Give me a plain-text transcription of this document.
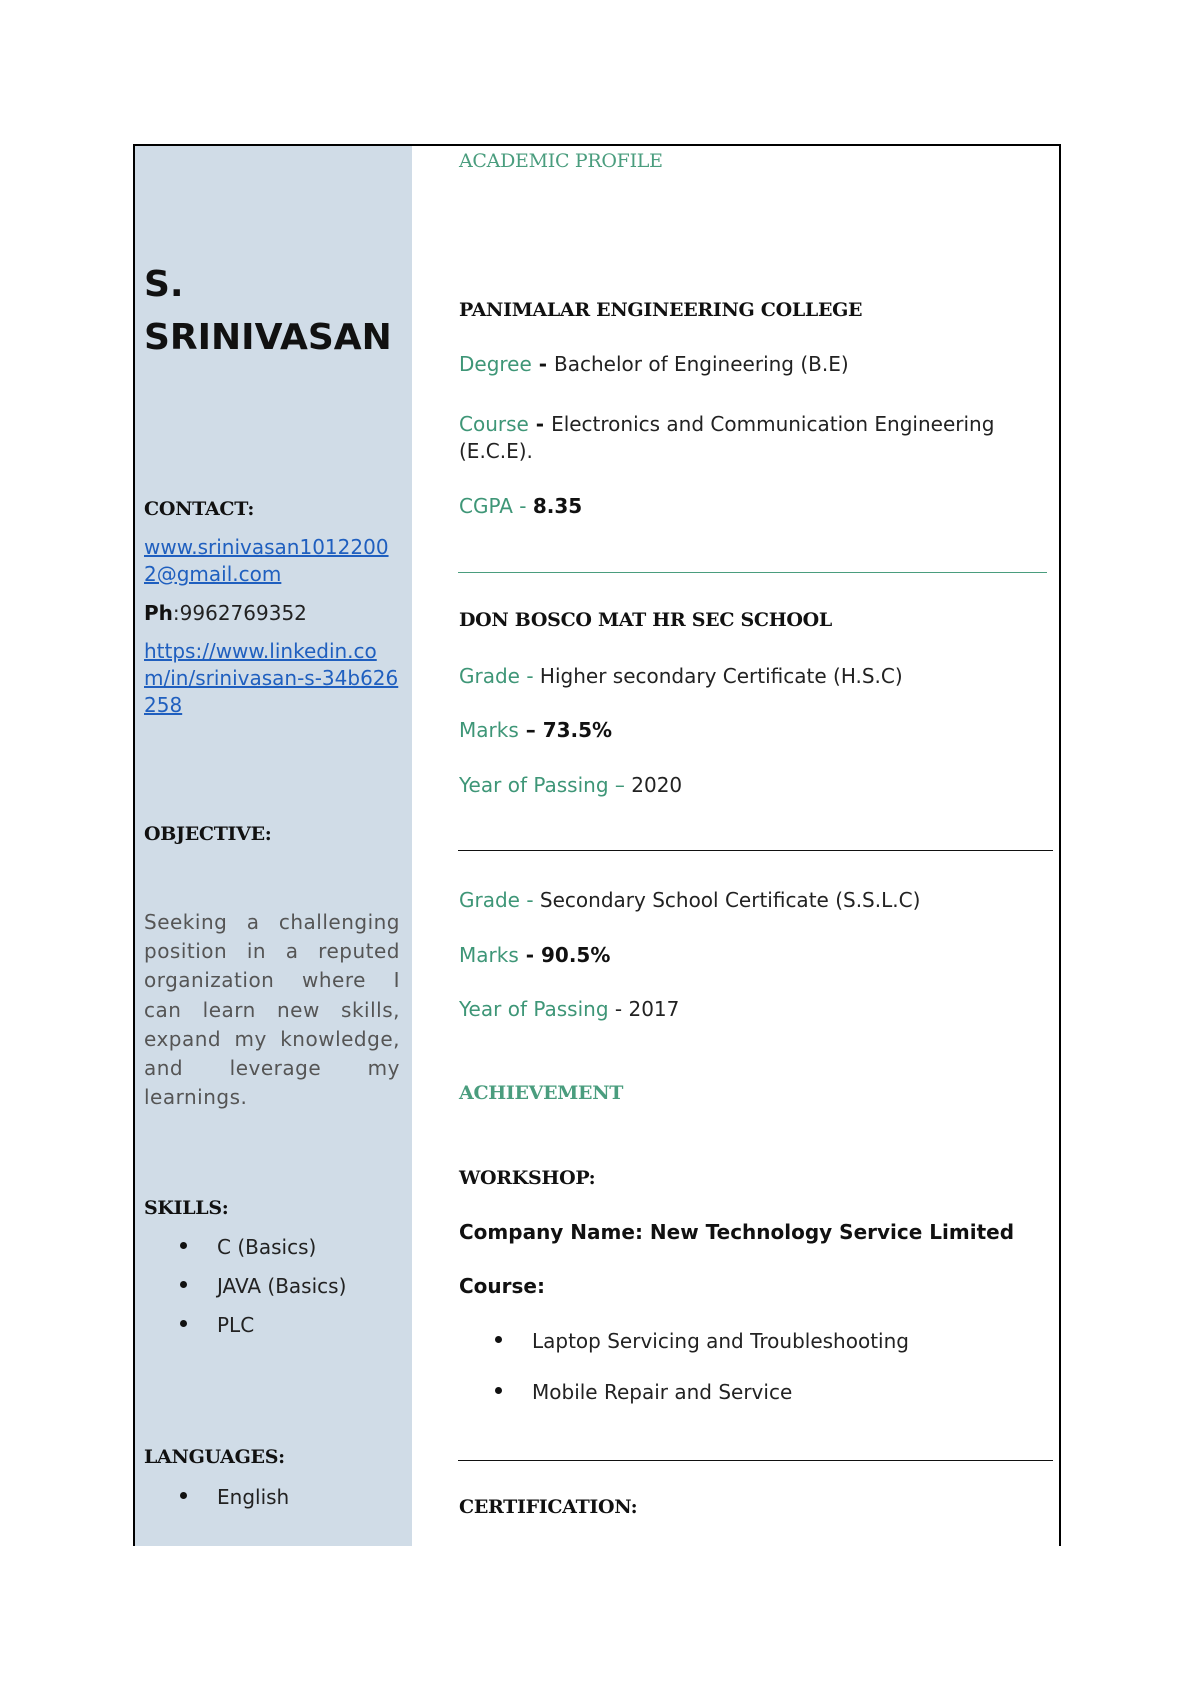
S. SRINIVASAN
CONTACT:
www.srinivasan10122002@gmail.com
Ph:9962769352
https://www.linkedin.com/in/srinivasan-s-34b626258
OBJECTIVE:
Seeking a challenging position in a reputed organization where I can learn new skills, expand my knowledge, and leverage my learnings.
SKILLS:
C (Basics)
JAVA (Basics)
PLC
LANGUAGES:
English
ACADEMIC PROFILE
PANIMALAR ENGINEERING COLLEGE
Degree - Bachelor of Engineering (B.E)
Course - Electronics and Communication Engineering
(E.C.E).
CGPA - 8.35
DON BOSCO MAT HR SEC SCHOOL
Grade - Higher secondary Certificate (H.S.C)
Marks – 73.5%
Year of Passing – 2020
Grade - Secondary School Certificate (S.S.L.C)
Marks - 90.5%
Year of Passing - 2017
ACHIEVEMENT
WORKSHOP:
Company Name: New Technology Service Limited
Course:
Laptop Servicing and Troubleshooting
Mobile Repair and Service
CERTIFICATION:
